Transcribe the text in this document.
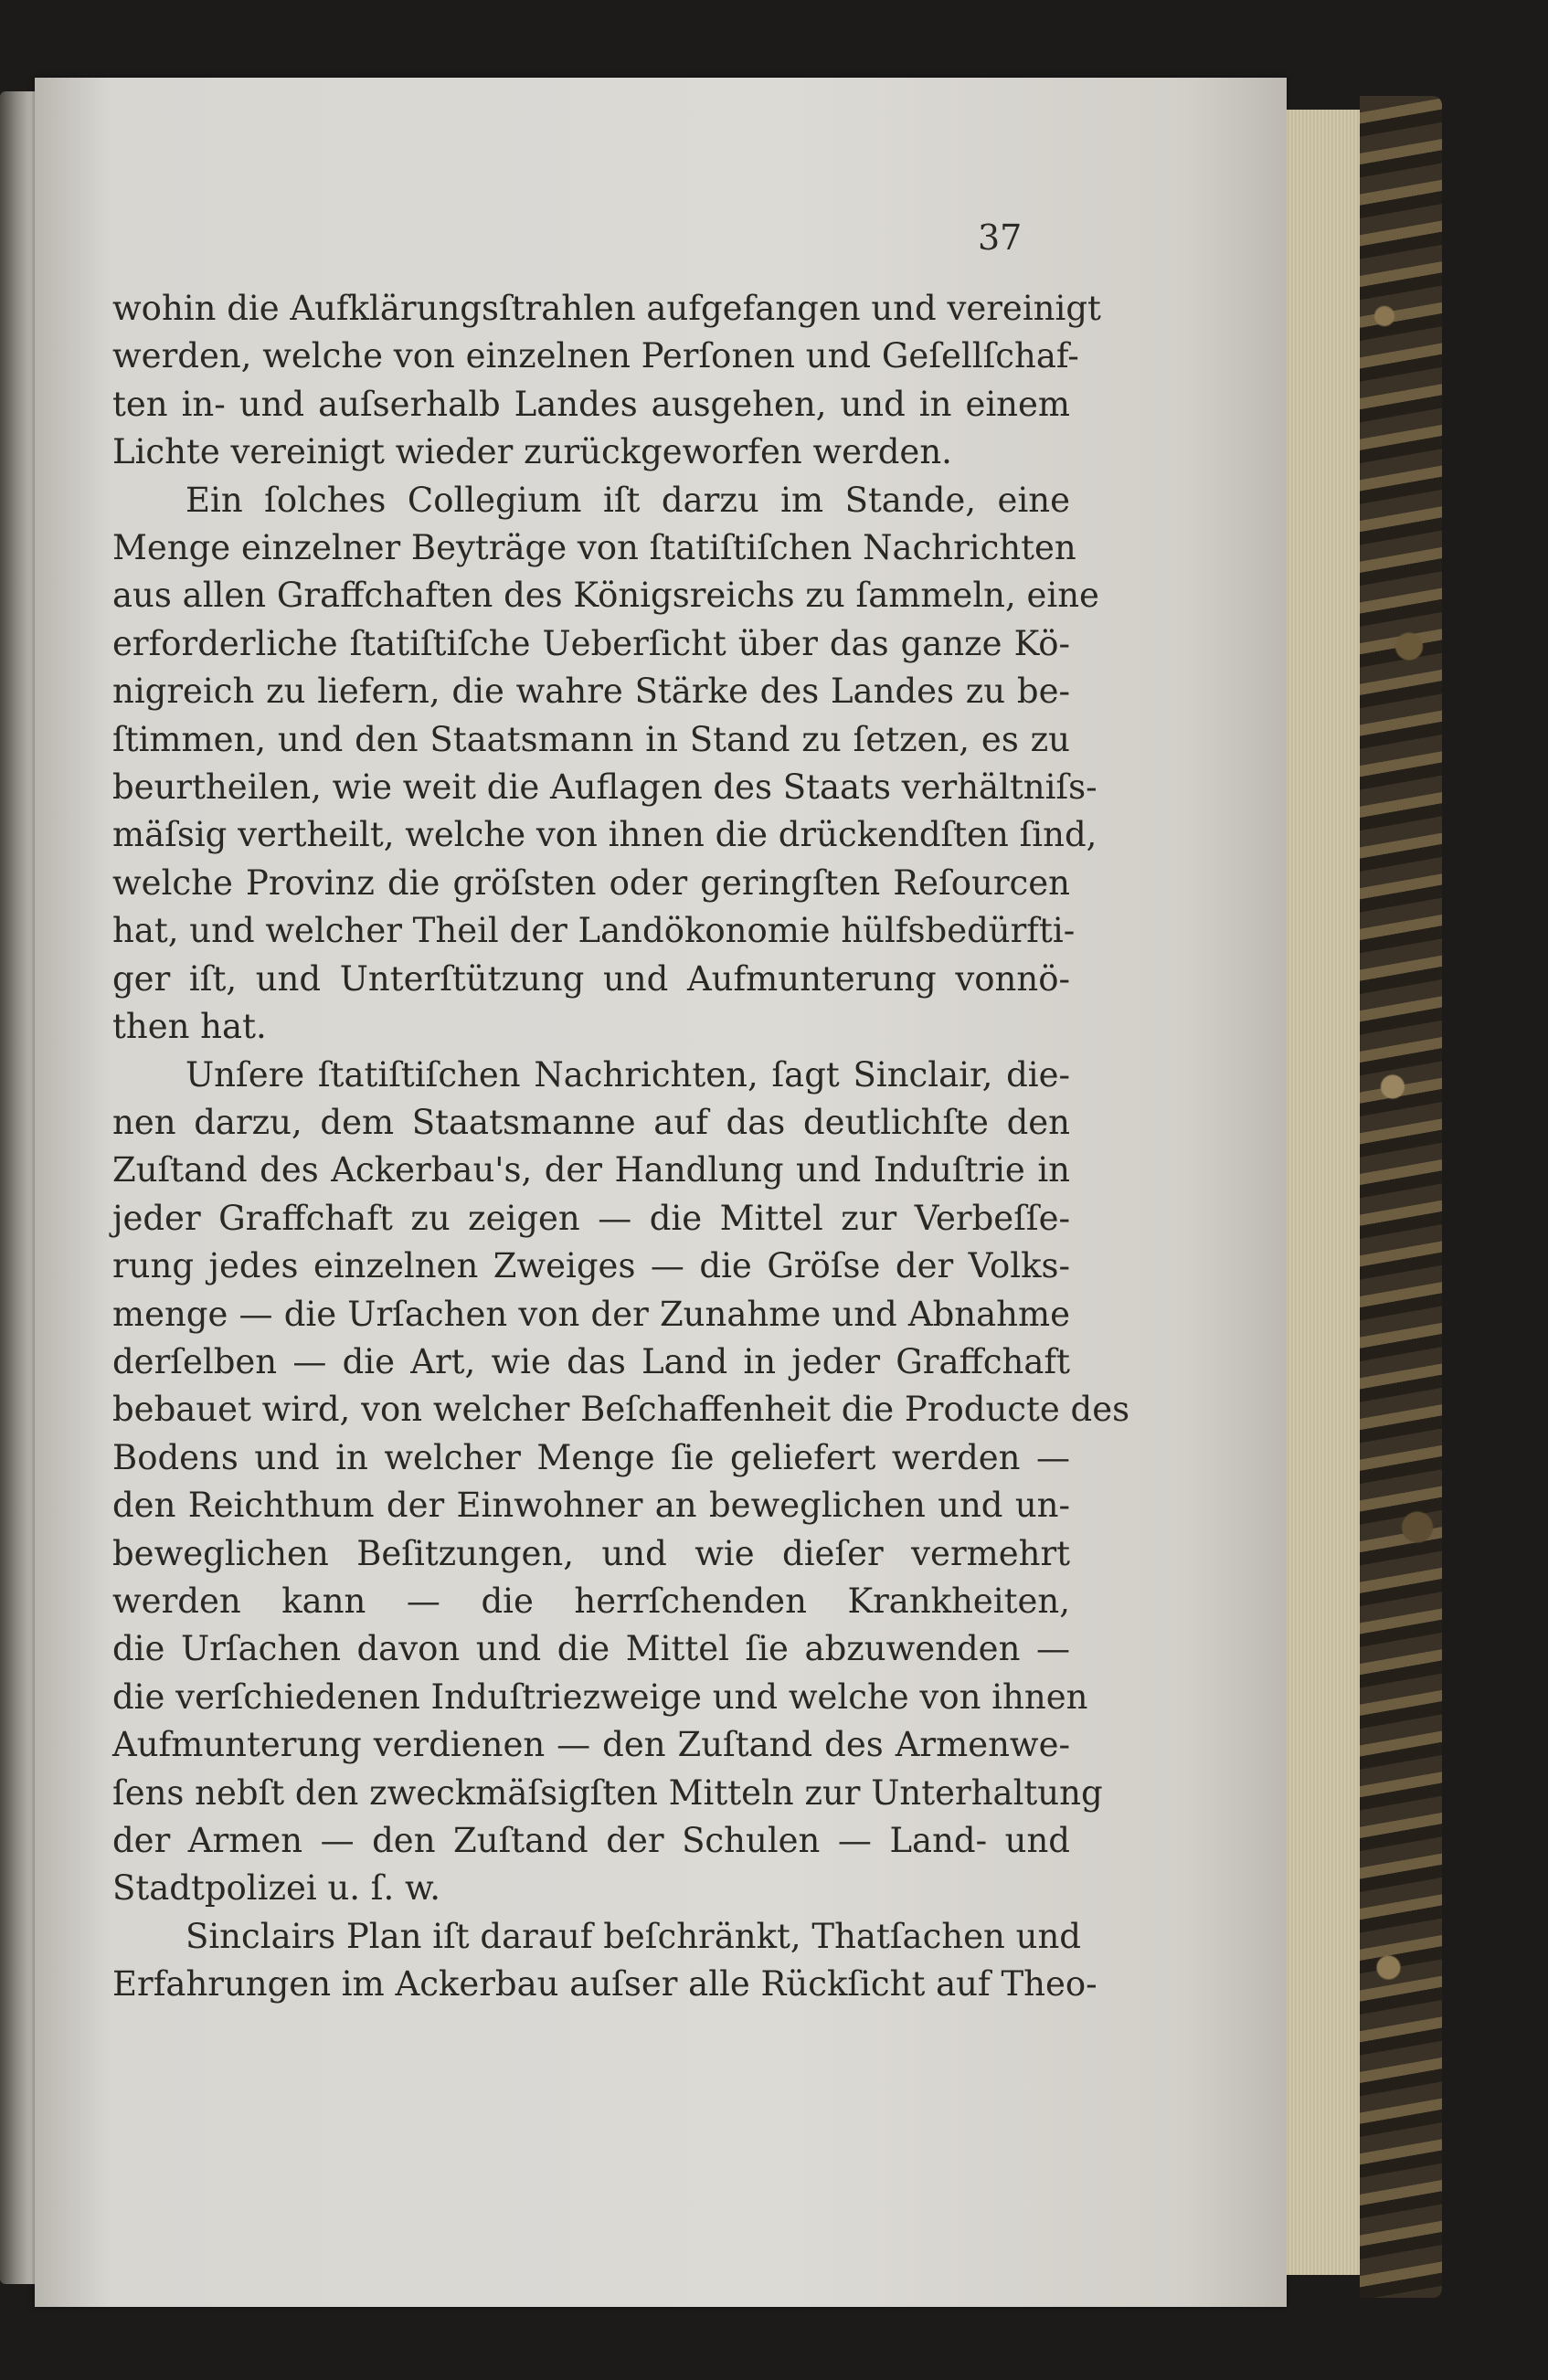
37
wohin die Aufklärungsſtrahlen aufgefangen und vereinigt
werden, welche von einzelnen Perſonen und Geſellſchaf-
ten in- und auſserhalb Landes ausgehen, und in einem
Lichte vereinigt wieder zurückgeworfen werden.
Ein ſolches Collegium iſt darzu im Stande, eine
Menge einzelner Beyträge von ſtatiſtiſchen Nachrichten
aus allen Graffchaften des Königsreichs zu ſammeln, eine
erforderliche ſtatiſtiſche Ueberſicht über das ganze Kö-
nigreich zu liefern, die wahre Stärke des Landes zu be-
ſtimmen, und den Staatsmann in Stand zu ſetzen, es zu
beurtheilen, wie weit die Auflagen des Staats verhältniſs-
mäſsig vertheilt, welche von ihnen die drückendſten ſind,
welche Provinz die gröſsten oder geringſten Reſourcen
hat, und welcher Theil der Landökonomie hülfsbedürfti-
ger iſt, und Unterſtützung und Aufmunterung vonnö-
then hat.
Unſere ſtatiſtiſchen Nachrichten, ſagt Sinclair, die-
nen darzu, dem Staatsmanne auf das deutlichſte den
Zuſtand des Ackerbau's, der Handlung und Induſtrie in
jeder Graffchaft zu zeigen — die Mittel zur Verbeſſe-
rung jedes einzelnen Zweiges — die Gröſse der Volks-
menge — die Urſachen von der Zunahme und Abnahme
derſelben — die Art, wie das Land in jeder Graffchaft
bebauet wird, von welcher Beſchaffenheit die Producte des
Bodens und in welcher Menge ſie geliefert werden —
den Reichthum der Einwohner an beweglichen und un-
beweglichen Beſitzungen, und wie dieſer vermehrt
werden kann — die herrſchenden Krankheiten,
die Urſachen davon und die Mittel ſie abzuwenden —
die verſchiedenen Induſtriezweige und welche von ihnen
Aufmunterung verdienen — den Zuſtand des Armenwe-
ſens nebſt den zweckmäſsigſten Mitteln zur Unterhaltung
der Armen — den Zuſtand der Schulen — Land- und
Stadtpolizei u. ſ. w.
Sinclairs Plan iſt darauf beſchränkt, Thatſachen und
Erfahrungen im Ackerbau auſser alle Rückſicht auf Theo-
